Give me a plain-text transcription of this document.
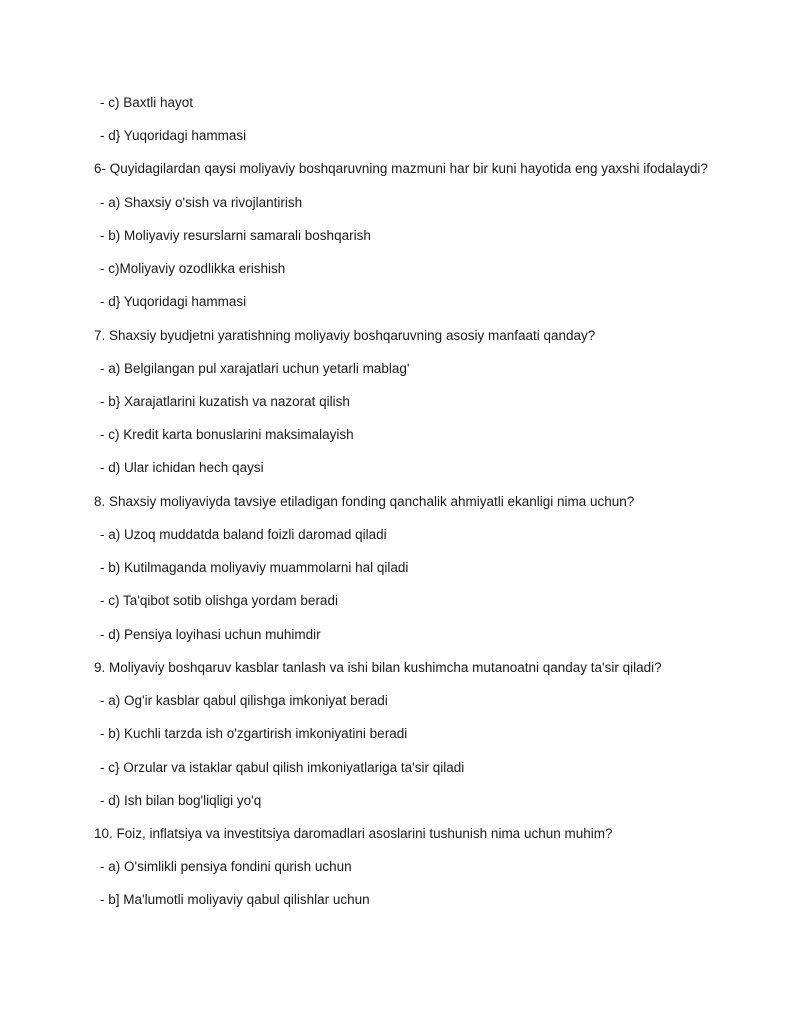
- c) Baxtli hayot
- d} Yuqoridagi hammasi
6- Quyidagilardan qaysi moliyaviy boshqaruvning mazmuni har bir kuni hayotida eng yaxshi ifodalaydi?
- a) Shaxsiy o'sish va rivojlantirish
- b) Moliyaviy resurslarni samarali boshqarish
- c)Moliyaviy ozodlikka erishish
- d} Yuqoridagi hammasi
7. Shaxsiy byudjetni yaratishning moliyaviy boshqaruvning asosiy manfaati qanday?
- a) Belgilangan pul xarajatlari uchun yetarli mablag'
- b} Xarajatlarini kuzatish va nazorat qilish
- c) Kredit karta bonuslarini maksimalayish
- d) Ular ichidan hech qaysi
8. Shaxsiy moliyaviyda tavsiye etiladigan fonding qanchalik ahmiyatli ekanligi nima uchun?
- a) Uzoq muddatda baland foizli daromad qiladi
- b) Kutilmaganda moliyaviy muammolarni hal qiladi
- c) Ta'qibot sotib olishga yordam beradi
- d) Pensiya loyihasi uchun muhimdir
9. Moliyaviy boshqaruv kasblar tanlash va ishi bilan kushimcha mutanoatni qanday ta'sir qiladi?
- a) Og'ir kasblar qabul qilishga imkoniyat beradi
- b) Kuchli tarzda ish o'zgartirish imkoniyatini beradi
- c} Orzular va istaklar qabul qilish imkoniyatlariga ta'sir qiladi
- d) Ish bilan bog'liqligi yo'q
10. Foiz, inflatsiya va investitsiya daromadlari asoslarini tushunish nima uchun muhim?
- a) O'simlikli pensiya fondini qurish uchun
- b] Ma'lumotli moliyaviy qabul qilishlar uchun
